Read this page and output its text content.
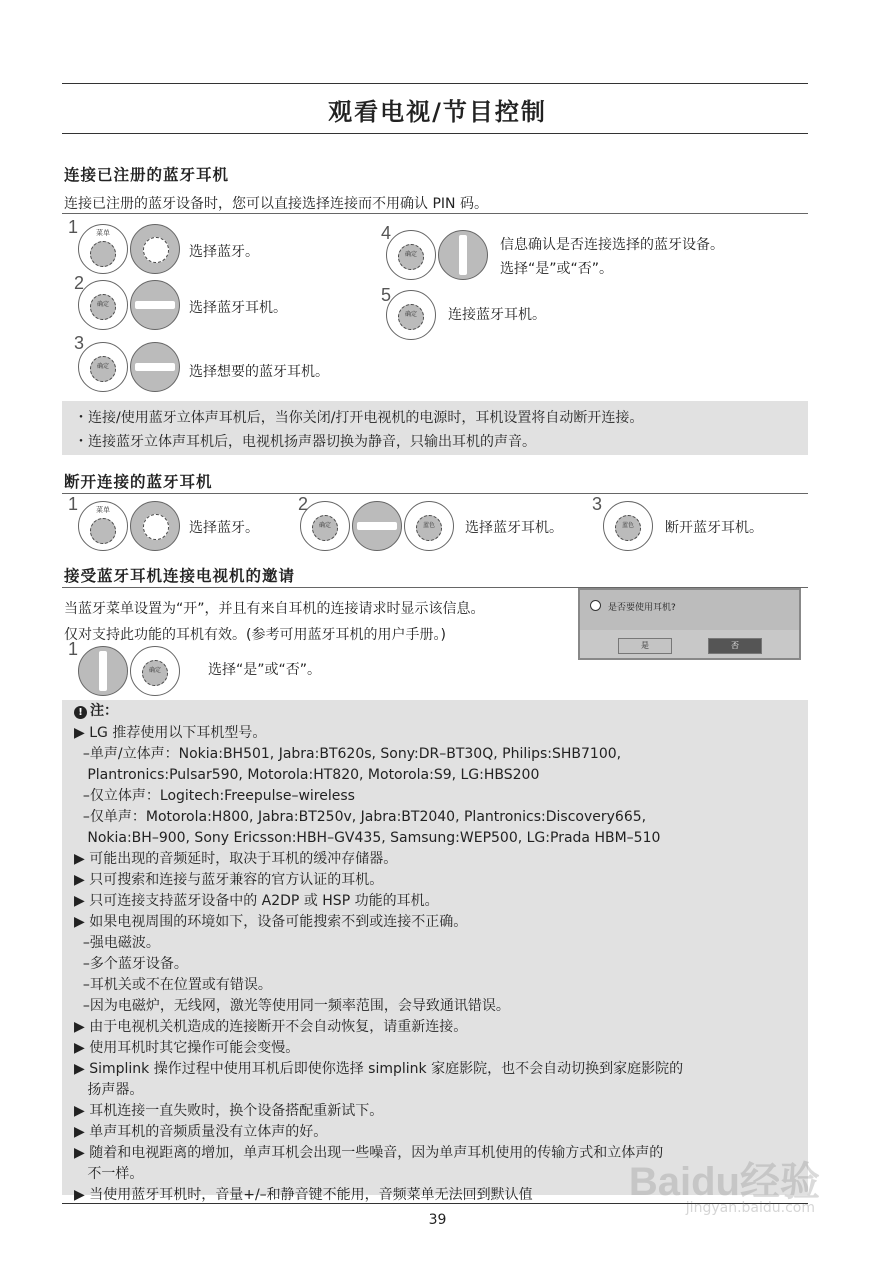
观看电视/节目控制
连接已注册的蓝牙耳机
连接已注册的蓝牙设备时，您可以直接选择连接而不用确认 PIN 码。
1	菜单
选择蓝牙。
2
确定	选择蓝牙耳机。
3
确定	选择想要的蓝牙耳机。
4
确定
信息确认是否连接选择的蓝牙设备。
选择“是”或“否”。
5
确定	连接蓝牙耳机。
・连接/使用蓝牙立体声耳机后，当你关闭/打开电视机的电源时，耳机设置将自动断开连接。
・连接蓝牙立体声耳机后，电视机扬声器切换为静音，只输出耳机的声音。
断开连接的蓝牙耳机
1	菜单
选择蓝牙。
2
确定	蓝色	选择蓝牙耳机。
3
蓝色	断开蓝牙耳机。
接受蓝牙耳机连接电视机的邀请
当蓝牙菜单设置为“开”，并且有来自耳机的连接请求时显示该信息。
仅对支持此功能的耳机有效。(参考可用蓝牙耳机的用户手册。)
是否要使用耳机?
是	否
1
确定	选择“是”或“否”。
! 注：
▶ LG 推荐使用以下耳机型号。
–单声/立体声：Nokia:BH501, Jabra:BT620s, Sony:DR–BT30Q, Philips:SHB7100,
Plantronics:Pulsar590, Motorola:HT820, Motorola:S9, LG:HBS200
–仅立体声：Logitech:Freepulse–wireless
–仅单声：Motorola:H800, Jabra:BT250v, Jabra:BT2040, Plantronics:Discovery665,
Nokia:BH–900, Sony Ericsson:HBH–GV435, Samsung:WEP500, LG:Prada HBM–510
▶ 可能出现的音频延时，取决于耳机的缓冲存储器。
▶ 只可搜索和连接与蓝牙兼容的官方认证的耳机。
▶ 只可连接支持蓝牙设备中的 A2DP 或 HSP 功能的耳机。
▶ 如果电视周围的环境如下，设备可能搜索不到或连接不正确。
–强电磁波。
–多个蓝牙设备。
–耳机关或不在位置或有错误。
–因为电磁炉，无线网，激光等使用同一频率范围，会导致通讯错误。
▶ 由于电视机关机造成的连接断开不会自动恢复，请重新连接。
▶ 使用耳机时其它操作可能会变慢。
▶ Simplink 操作过程中使用耳机后即使你选择 simplink 家庭影院，也不会自动切换到家庭影院的
扬声器。
▶ 耳机连接一直失败时，换个设备搭配重新试下。
▶ 单声耳机的音频质量没有立体声的好。
▶ 随着和电视距离的增加，单声耳机会出现一些噪音，因为单声耳机使用的传输方式和立体声的
不一样。
▶ 当使用蓝牙耳机时，音量+/–和静音键不能用，音频菜单无法回到默认值
39
Baidu经验
jingyan.baidu.com
